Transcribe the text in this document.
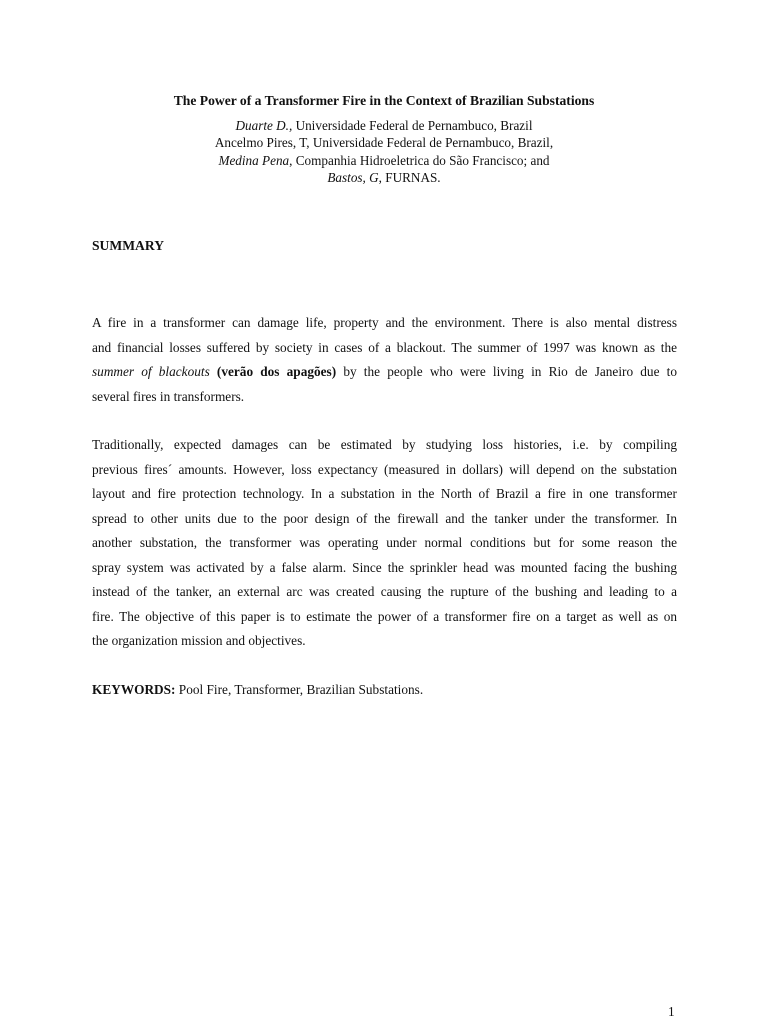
The Power of a Transformer Fire in the Context of Brazilian Substations
Duarte D., Universidade Federal de Pernambuco, Brazil
Ancelmo Pires, T, Universidade Federal de Pernambuco, Brazil,
Medina Pena, Companhia Hidroeletrica do São Francisco; and
Bastos, G, FURNAS.
SUMMARY
A fire in a transformer can damage life, property and the environment. There is also mental distress
and financial losses suffered by society in cases of a blackout. The summer of 1997 was known as the
summer of blackouts (verão dos apagões) by the people who were living in Rio de Janeiro due to
several fires in transformers.
Traditionally, expected damages can be estimated by studying loss histories, i.e. by compiling
previous fires´ amounts. However, loss expectancy (measured in dollars) will depend on the substation
layout and fire protection technology. In a substation in the North of Brazil a fire in one transformer
spread to other units due to the poor design of the firewall and the tanker under the transformer. In
another substation, the transformer was operating under normal conditions but for some reason the
spray system was activated by a false alarm. Since the sprinkler head was mounted facing the bushing
instead of the tanker, an external arc was created causing the rupture of the bushing and leading to a
fire. The objective of this paper is to estimate the power of a transformer fire on a target as well as on
the organization mission and objectives.
KEYWORDS: Pool Fire, Transformer, Brazilian Substations.
1
